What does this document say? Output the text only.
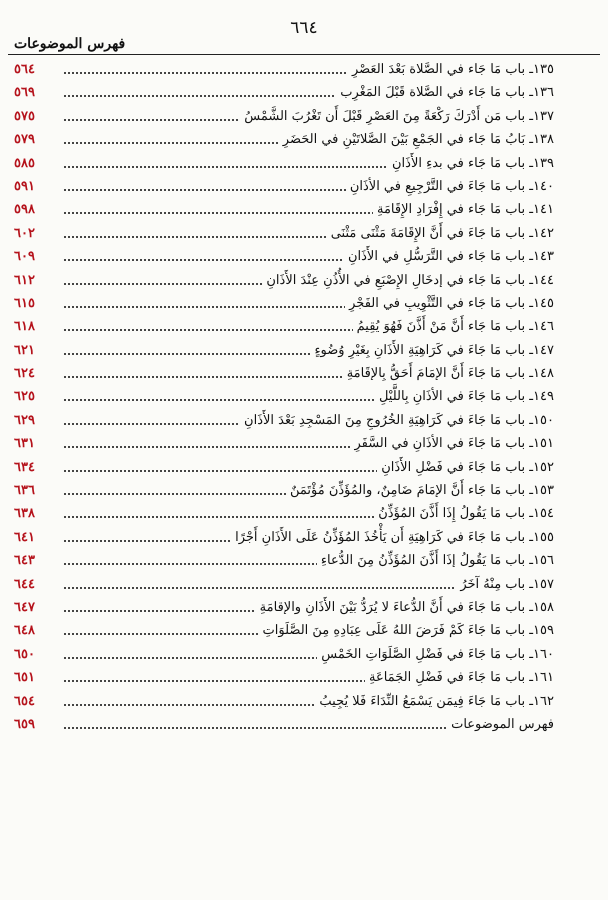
٦٦٤
فهرس الموضوعات
١٣٥ـ باب مَا جَاء في الصَّلاة بَعْدَ العَصْرِ
٥٦٤
١٣٦ـ باب مَا جَاء في الصَّلاة قَبْلَ المَغْرِب
٥٦٩
١٣٧ـ باب مَن أَدْرَكَ رَكْعَةً مِنَ العَصْرِ قَبْلَ أَن تَغْرُبَ الشَّمْسُ
٥٧٥
١٣٨ـ بَابُ مَا جَاء في الجَمْعِ بَيْنَ الصَّلاتَيْنِ في الحَضَرِ
٥٧٩
١٣٩ـ باب مَا جَاء في بدءِ الأَذَانِ
٥٨٥
١٤٠ـ باب مَا جَاءَ في التَّرْجِيعِ في الأذَانِ
٥٩١
١٤١ـ باب مَا جَاء في إِفْرَادِ الإِقَامَةِ
٥٩٨
١٤٢ـ باب مَا جَاءَ في أَنَّ الإِقَامَةَ مَثْنَى مَثْنَى
٦٠٢
١٤٣ـ باب مَا جَاء في التَّرَسُّلِ في الأَذَانِ
٦٠٩
١٤٤ـ باب مَا جَاء في إدخَالِ الإِصْبَعِ في الأُذُنِ عِنْدَ الأَذَانِ
٦١٢
١٤٥ـ باب مَا جَاء في التَّثْوِيبِ في الفَجْرِ
٦١٥
١٤٦ـ باب مَا جَاء أَنَّ مَنْ أَذَّنَ فَهُوَ يُقِيمُ
٦١٨
١٤٧ـ باب مَا جَاءَ في كَرَاهِيَةِ الأَذَانِ بِغَيْرِ وُضُوءٍ
٦٢١
١٤٨ـ باب مَا جَاءَ أَنَّ الإمَامَ أَحَقُّ بِالإقَامَةِ
٦٢٤
١٤٩ـ باب مَا جَاءَ في الأذَانِ بِاللَّيْلِ
٦٢٥
١٥٠ـ باب مَا جَاءَ في كَرَاهِيَةِ الخُرُوجِ مِنَ المَسْجِدِ بَعْدَ الأَذَانِ
٦٢٩
١٥١ـ باب مَا جَاءَ في الأذَانِ في السَّفَرِ
٦٣١
١٥٢ـ باب مَا جَاءَ في فَضْلِ الأَذَانِ
٦٣٤
١٥٣ـ باب مَا جَاء أَنَّ الإمَامَ ضَامِنٌ، والمُؤَذِّنَ مُؤْتَمَنٌ
٦٣٦
١٥٤ـ باب مَا يَقُولُ إِذَا أَذَّنَ المُؤَذِّنُ
٦٣٨
١٥٥ـ باب مَا جَاءَ في كَرَاهِيَةِ أَن يَأْخُذَ المُؤَذِّنُ عَلَى الأَذَانِ أَجْرًا
٦٤١
١٥٦ـ باب مَا يَقُولُ إذَا أَذَّنَ المُؤَذِّنُ مِنَ الدُّعاءِ
٦٤٣
١٥٧ـ باب مِنْهُ آخَرُ
٦٤٤
١٥٨ـ باب مَا جَاءَ في أَنَّ الدُّعاءَ لا يُرَدُّ بَيْنَ الأَذَانِ والإقامَةِ
٦٤٧
١٥٩ـ باب مَا جَاءَ كَمْ فَرَضَ اللهُ عَلَى عِبَادِهِ مِنَ الصَّلَوَاتِ
٦٤٨
١٦٠ـ باب مَا جَاءَ في فَضْلِ الصَّلَوَاتِ الخَمْسِ
٦٥٠
١٦١ـ باب مَا جَاءَ في فَضْلِ الجَمَاعَةِ
٦٥١
١٦٢ـ باب مَا جَاءَ فِيمَن يَسْمَعُ النِّدَاءَ فَلا يُجِيبُ
٦٥٤
فهرس الموضوعات
٦٥٩
